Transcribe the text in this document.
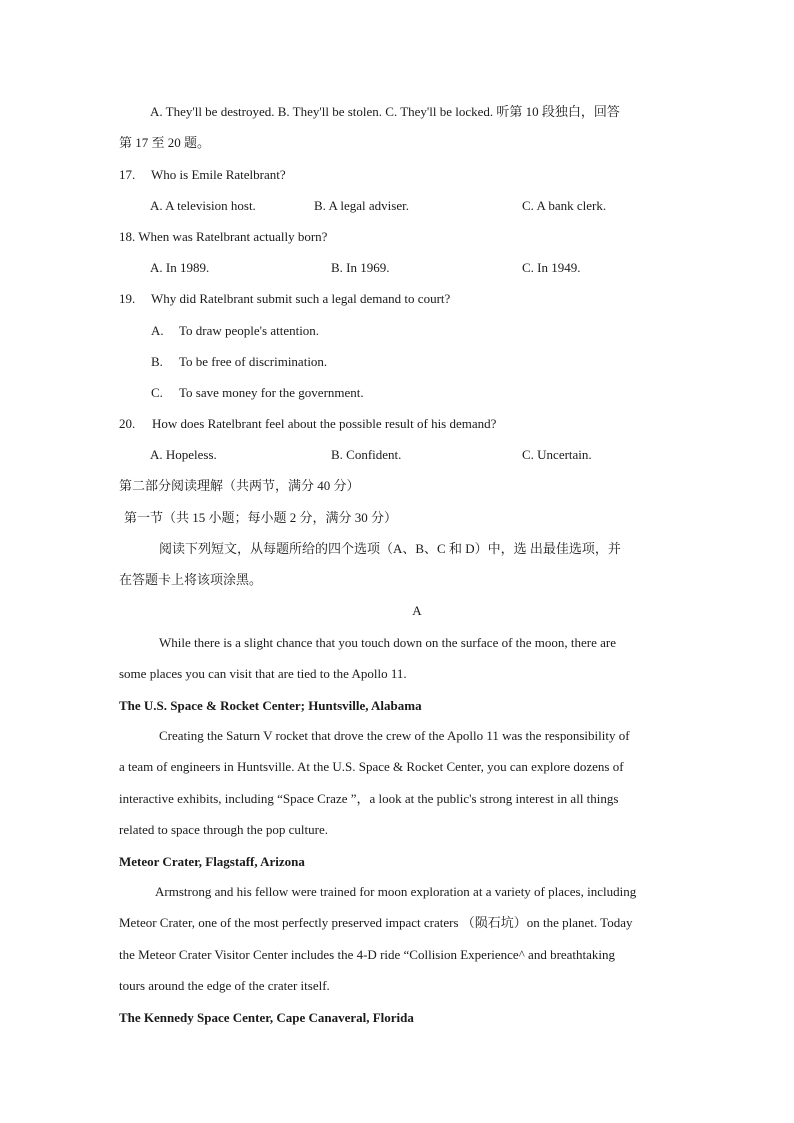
A. They'll be destroyed. B. They'll be stolen. C. They'll be locked. 听第 10 段独白，回答
第 17 至 20 题。
17. Who is Emile Ratelbrant?
A. A television host.	B. A legal adviser.	C. A bank clerk.
18. When was Ratelbrant actually born?
A. In 1989.	B. In 1969.	C. In 1949.
19. Why did Ratelbrant submit such a legal demand to court?
A. To draw people's attention.
B. To be free of discrimination.
C. To save money for the government.
20. How does Ratelbrant feel about the possible result of his demand?
A. Hopeless.	B. Confident.	C. Uncertain.
第二部分阅读理解（共两节，满分 40 分）
第一节（共 15 小题；每小题 2 分，满分 30 分）
阅读下列短文，从每题所给的四个选项（A、B、C 和 D）中，选 出最佳选项，并
在答题卡上将该项涂黑。
A
While there is a slight chance that you touch down on the surface of the moon, there are
some places you can visit that are tied to the Apollo 11.
The U.S. Space & Rocket Center; Huntsville, Alabama
Creating the Saturn V rocket that drove the crew of the Apollo 11 was the responsibility of
a team of engineers in Huntsville. At the U.S. Space & Rocket Center, you can explore dozens of
interactive exhibits, including “Space Craze ”，a look at the public's strong interest in all things
related to space through the pop culture.
Meteor Crater, Flagstaff, Arizona
Armstrong and his fellow were trained for moon exploration at a variety of places, including
Meteor Crater, one of the most perfectly preserved impact craters （陨石坑）on the planet. Today
the Meteor Crater Visitor Center includes the 4-D ride “Collision Experience^ and breathtaking
tours around the edge of the crater itself.
The Kennedy Space Center, Cape Canaveral, Florida
